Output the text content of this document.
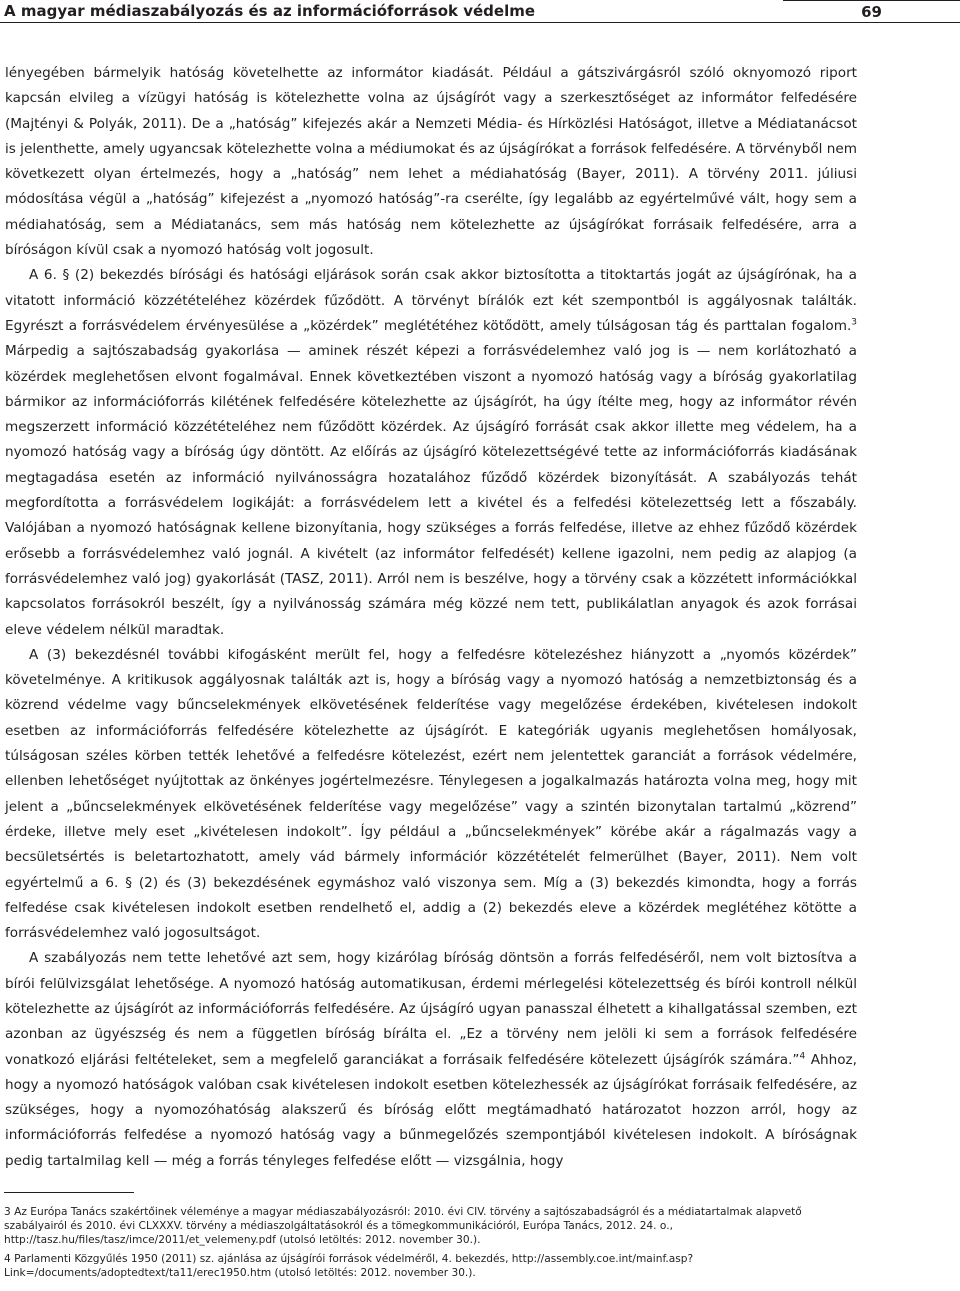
A magyar médiaszabályozás és az információforrások védelme	69

lényegében bármelyik hatóság követelhette az informátor kiadását. Például a gátszivárgásról szóló oknyomozó riport kapcsán elvileg a vízügyi hatóság is kötelezhette volna az újságírót vagy a szerkesztőséget az informátor felfedésére (Majtényi & Polyák, 2011). De a „hatóság” kifejezés akár a Nemzeti Média- és Hírközlési Hatóságot, illetve a Médiatanácsot is jelenthette, amely ugyancsak kötelezhette volna a médiumokat és az újságírókat a források felfedésére. A törvényből nem következett olyan értelmezés, hogy a „hatóság” nem lehet a médiahatóság (Bayer, 2011). A törvény 2011. júliusi módosítása végül a „hatóság” kifejezést a „nyomozó hatóság”-ra cserélte, így legalább az egyértelművé vált, hogy sem a médiahatóság, sem a Médiatanács, sem más hatóság nem kötelezhette az újságírókat forrásaik felfedésére, arra a bíróságon kívül csak a nyomozó hatóság volt jogosult.

A 6. § (2) bekezdés bírósági és hatósági eljárások során csak akkor biztosította a titoktartás jogát az újságírónak, ha a vitatott információ közzétételéhez közérdek fűződött. A törvényt bírálók ezt két szempontból is aggályosnak találták. Egyrészt a forrásvédelem érvényesülése a „közérdek” meglététéhez kötődött, amely túlságosan tág és parttalan fogalom.$^3$ Márpedig a sajtószabadság gyakorlása — aminek részét képezi a forrásvédelemhez való jog is — nem korlátozható a közérdek meglehetősen elvont fogalmával. Ennek következtében viszont a nyomozó hatóság vagy a bíróság gyakorlatilag bármikor az információforrás kilétének felfedésére kötelezhette az újságírót, ha úgy ítélte meg, hogy az informátor révén megszerzett információ közzétételéhez nem fűződött közérdek. Az újságíró forrását csak akkor illette meg védelem, ha a nyomozó hatóság vagy a bíróság úgy döntött. Az előírás az újságíró kötelezettségévé tette az információforrás kiadásának megtagadása esetén az információ nyilvánosságra hozatalához fűződő közérdek bizonyítását. A szabályozás tehát megfordította a forrásvédelem logikáját: a forrásvédelem lett a kivétel és a felfedési kötelezettség lett a főszabály. Valójában a nyomozó hatóságnak kellene bizonyítania, hogy szükséges a forrás felfedése, illetve az ehhez fűződő közérdek erősebb a forrásvédelemhez való jognál. A kivételt (az informátor felfedését) kellene igazolni, nem pedig az alapjog (a forrásvédelemhez való jog) gyakorlását (TASZ, 2011). Arról nem is beszélve, hogy a törvény csak a közzétett információkkal kapcsolatos forrásokról beszélt, így a nyilvánosság számára még közzé nem tett, publikálatlan anyagok és azok forrásai eleve védelem nélkül maradtak.

A (3) bekezdésnél további kifogásként merült fel, hogy a felfedésre kötelezéshez hiányzott a „nyomós közérdek” követelménye. A kritikusok aggályosnak találták azt is, hogy a bíróság vagy a nyomozó hatóság a nemzetbiztonság és a közrend védelme vagy bűncselekmények elkövetésének felderítése vagy megelőzése érdekében, kivételesen indokolt esetben az információforrás felfedésére kötelezhette az újságírót. E kategóriák ugyanis meglehetősen homályosak, túlságosan széles körben tették lehetővé a felfedésre kötelezést, ezért nem jelentettek garanciát a források védelmére, ellenben lehetőséget nyújtottak az önkényes jogértelmezésre. Ténylegesen a jogalkalmazás határozta volna meg, hogy mit jelent a „bűncselekmények elkövetésének felderítése vagy megelőzése” vagy a szintén bizonytalan tartalmú „közrend” érdeke, illetve mely eset „kivételesen indokolt”. Így például a „bűncselekmények” körébe akár a rágalmazás vagy a becsületsértés is beletartozhatott, amely vád bármely információr közzétételét felmerülhet (Bayer, 2011). Nem volt egyértelmű a 6. § (2) és (3) bekezdésének egymáshoz való viszonya sem. Míg a (3) bekezdés kimondta, hogy a forrás felfedése csak kivételesen indokolt esetben rendelhető el, addig a (2) bekezdés eleve a közérdek meglétéhez kötötte a forrásvédelemhez való jogosultságot.

A szabályozás nem tette lehetővé azt sem, hogy kizárólag bíróság döntsön a forrás felfedéséről, nem volt biztosítva a bírói felülvizsgálat lehetősége. A nyomozó hatóság automatikusan, érdemi mérlegelési kötelezettség és bírói kontroll nélkül kötelezhette az újságírót az információforrás felfedésére. Az újságíró ugyan panasszal élhetett a kihallgatással szemben, ezt azonban az ügyészség és nem a független bíróság bírálta el. „Ez a törvény nem jelöli ki sem a források felfedésére vonatkozó eljárási feltételeket, sem a megfelelő garanciákat a forrásaik felfedésére kötelezett újságírók számára.”$^4$ Ahhoz, hogy a nyomozó hatóságok valóban csak kivételesen indokolt esetben kötelezhessék az újságírókat forrásaik felfedésére, az szükséges, hogy a nyomozóhatóság alakszerű és bíróság előtt megtámadható határozatot hozzon arról, hogy az információforrás felfedése a nyomozó hatóság vagy a bűnmegelőzés szempontjából kivételesen indokolt. A bíróságnak pedig tartalmilag kell — még a forrás tényleges felfedése előtt — vizsgálnia, hogy

3 Az Európa Tanács szakértőinek véleménye a magyar médiaszabályozásról: 2010. évi CIV. törvény a sajtószabadságról és a médiatartalmak alapvető szabályairól és 2010. évi CLXXXV. törvény a médiaszolgáltatásokról és a tömegkommunikációról, Európa Tanács, 2012. 24. o., http://tasz.hu/files/tasz/imce/2011/et_velemeny.pdf (utolsó letöltés: 2012. november 30.).

4 Parlamenti Közgyűlés 1950 (2011) sz. ajánlása az újságírói források védelméről, 4. bekezdés, http://assembly.coe.int/mainf.asp?Link=/documents/adoptedtext/ta11/erec1950.htm (utolsó letöltés: 2012. november 30.).
